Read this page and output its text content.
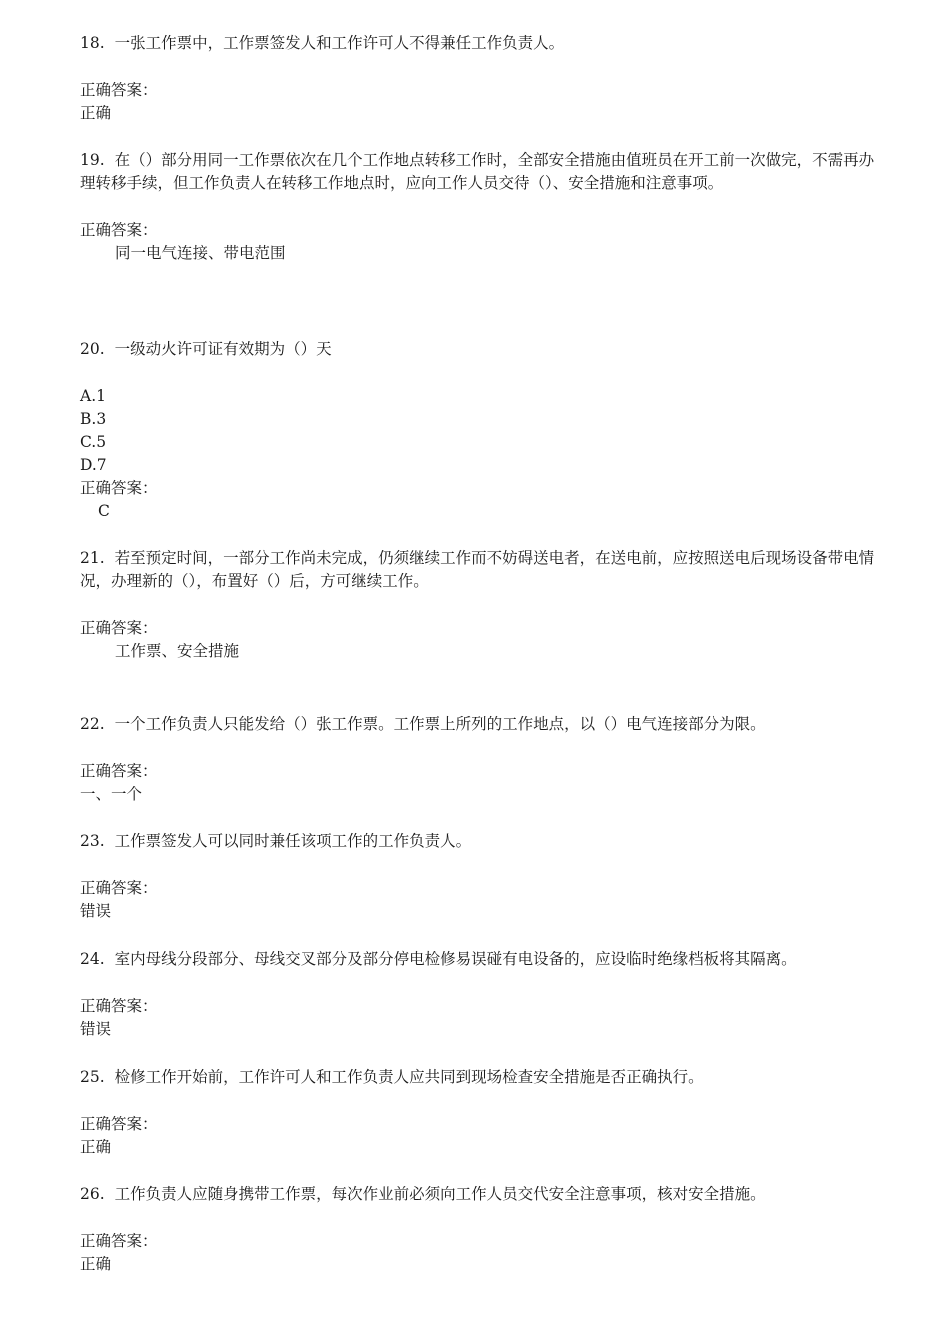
18. 一张工作票中，工作票签发人和工作许可人不得兼任工作负责人。

正确答案：
正确

19. 在（）部分用同一工作票依次在几个工作地点转移工作时，全部安全措施由值班员在开工前一次做完，不需再办理转移手续，但工作负责人在转移工作地点时，应向工作人员交待（）、安全措施和注意事项。

正确答案：
同一电气连接、带电范围

20. 一级动火许可证有效期为（）天

A.1
B.3
C.5
D.7
正确答案：
C

21. 若至预定时间，一部分工作尚未完成，仍须继续工作而不妨碍送电者，在送电前，应按照送电后现场设备带电情况，办理新的（），布置好（）后，方可继续工作。

正确答案：
工作票、安全措施

22. 一个工作负责人只能发给（）张工作票。工作票上所列的工作地点，以（）电气连接部分为限。

正确答案：
一、一个

23. 工作票签发人可以同时兼任该项工作的工作负责人。

正确答案：
错误

24. 室内母线分段部分、母线交叉部分及部分停电检修易误碰有电设备的，应设临时绝缘档板将其隔离。

正确答案：
错误

25. 检修工作开始前，工作许可人和工作负责人应共同到现场检查安全措施是否正确执行。

正确答案：
正确

26. 工作负责人应随身携带工作票，每次作业前必须向工作人员交代安全注意事项，核对安全措施。

正确答案：
正确
